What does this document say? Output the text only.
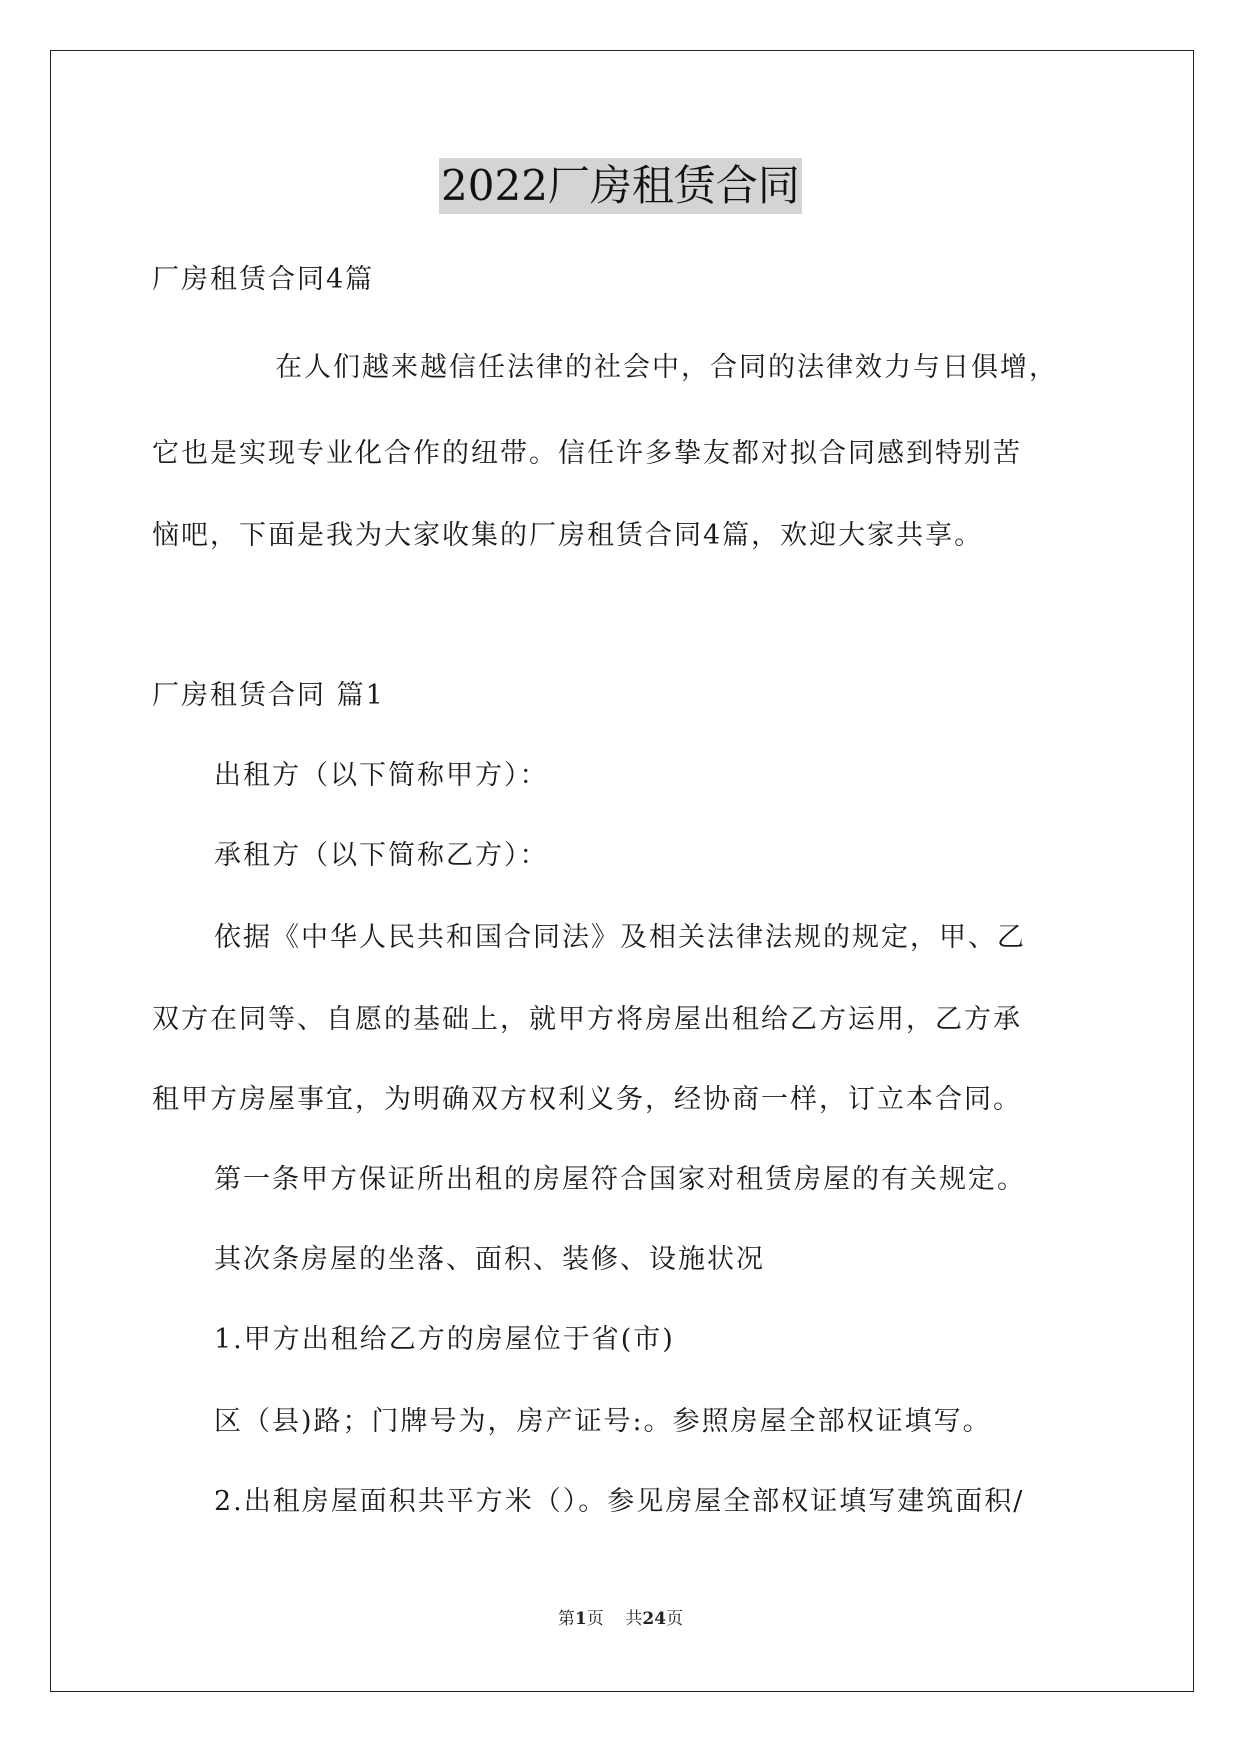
2022厂房租赁合同
厂房租赁合同4篇
在人们越来越信任法律的社会中，合同的法律效力与日俱增，
它也是实现专业化合作的纽带。信任许多挚友都对拟合同感到特别苦
恼吧，下面是我为大家收集的厂房租赁合同4篇，欢迎大家共享。
厂房租赁合同 篇1
出租方（以下简称甲方）：
承租方（以下简称乙方）：
依据《中华人民共和国合同法》及相关法律法规的规定，甲、乙
双方在同等、自愿的基础上，就甲方将房屋出租给乙方运用，乙方承
租甲方房屋事宜，为明确双方权利义务，经协商一样，订立本合同。
第一条甲方保证所出租的房屋符合国家对租赁房屋的有关规定。
其次条房屋的坐落、面积、装修、设施状况
1.甲方出租给乙方的房屋位于省(市)
区（县)路；门牌号为，房产证号:。参照房屋全部权证填写。
2.出租房屋面积共平方米（）。参见房屋全部权证填写建筑面积/
第1页 共24页
